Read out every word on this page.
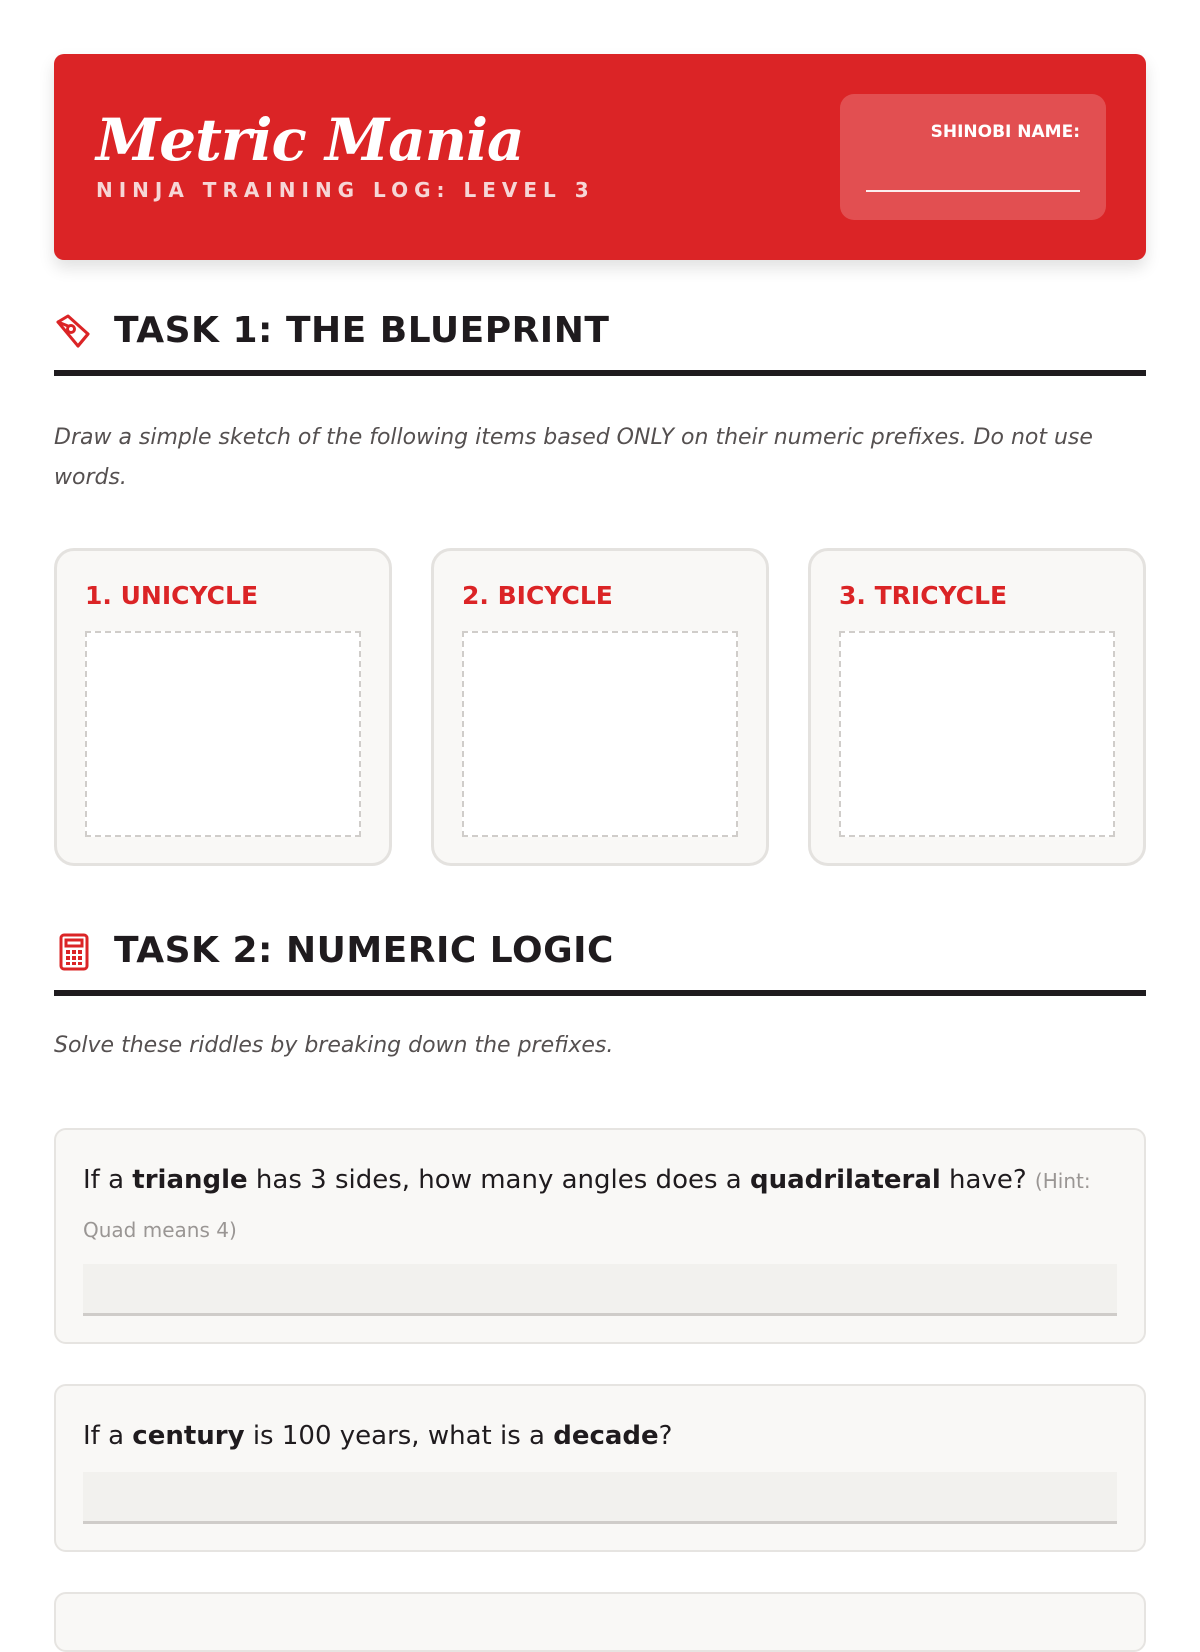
Metric Mania
NINJA TRAINING LOG: LEVEL 3
SHINOBI NAME:
TASK 1: THE BLUEPRINT
Draw a simple sketch of the following items based ONLY on their numeric prefixes. Do not use words.
1. UNICYCLE	2. BICYCLE	3. TRICYCLE
TASK 2: NUMERIC LOGIC
Solve these riddles by breaking down the prefixes.
If a triangle has 3 sides, how many angles does a quadrilateral have? (Hint: Quad means 4)
If a century is 100 years, what is a decade?
